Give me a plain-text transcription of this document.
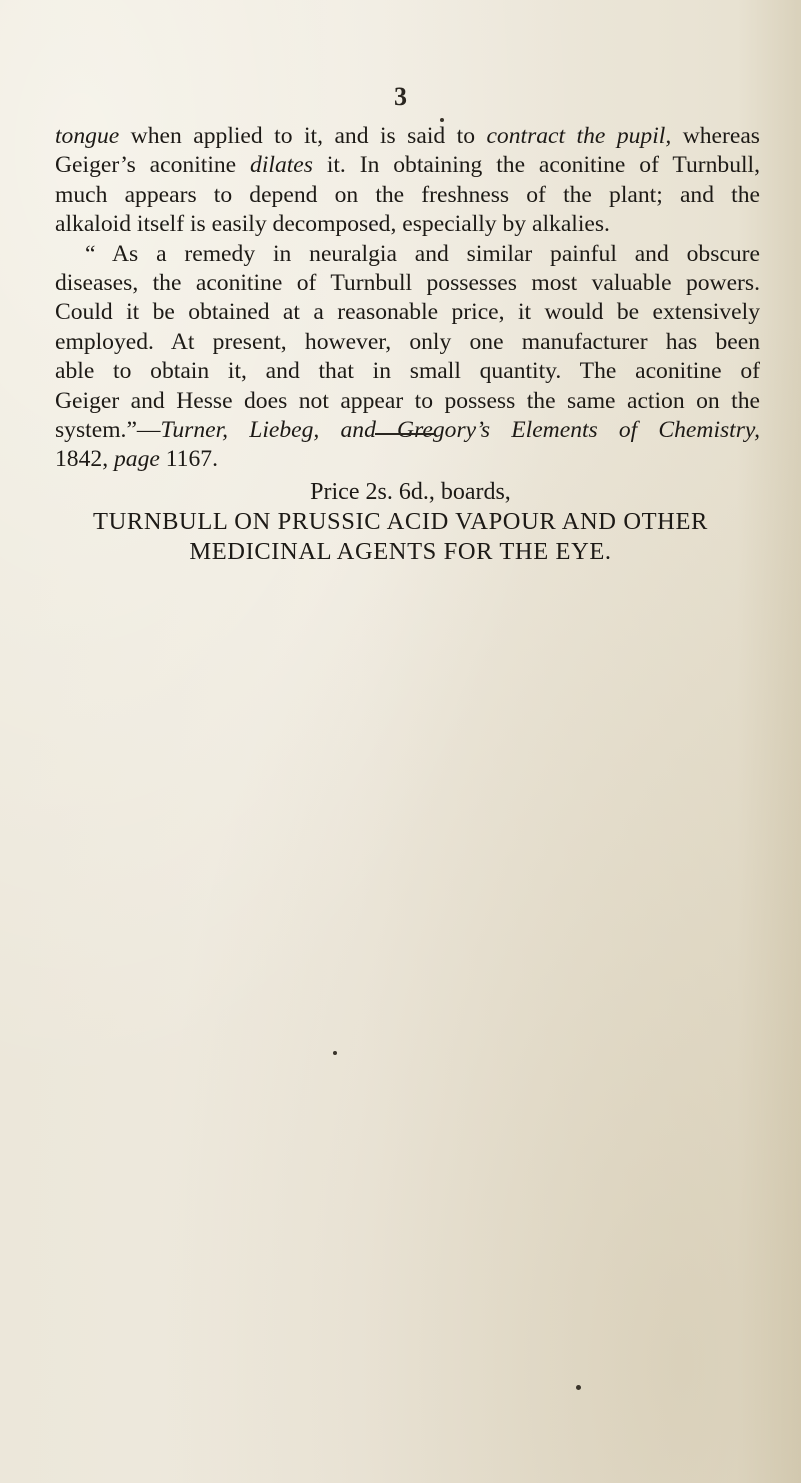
3
tongue when applied to it, and is said to contract the pupil, whereas
Geiger’s aconitine dilates it. In obtaining the aconitine of Turnbull,
much appears to depend on the freshness of the plant; and the
alkaloid itself is easily decomposed, especially by alkalies.
“ As a remedy in neuralgia and similar painful and obscure
diseases, the aconitine of Turnbull possesses most valuable powers.
Could it be obtained at a reasonable price, it would be extensively
employed. At present, however, only one manufacturer has been
able to obtain it, and that in small quantity. The aconitine of
Geiger and Hesse does not appear to possess the same action on the
system.”—Turner, Liebeg, and Gregory’s Elements of Chemistry,
1842, page 1167.
Price 2s. 6d., boards,
TURNBULL ON PRUSSIC ACID VAPOUR AND OTHER
MEDICINAL AGENTS FOR THE EYE.
